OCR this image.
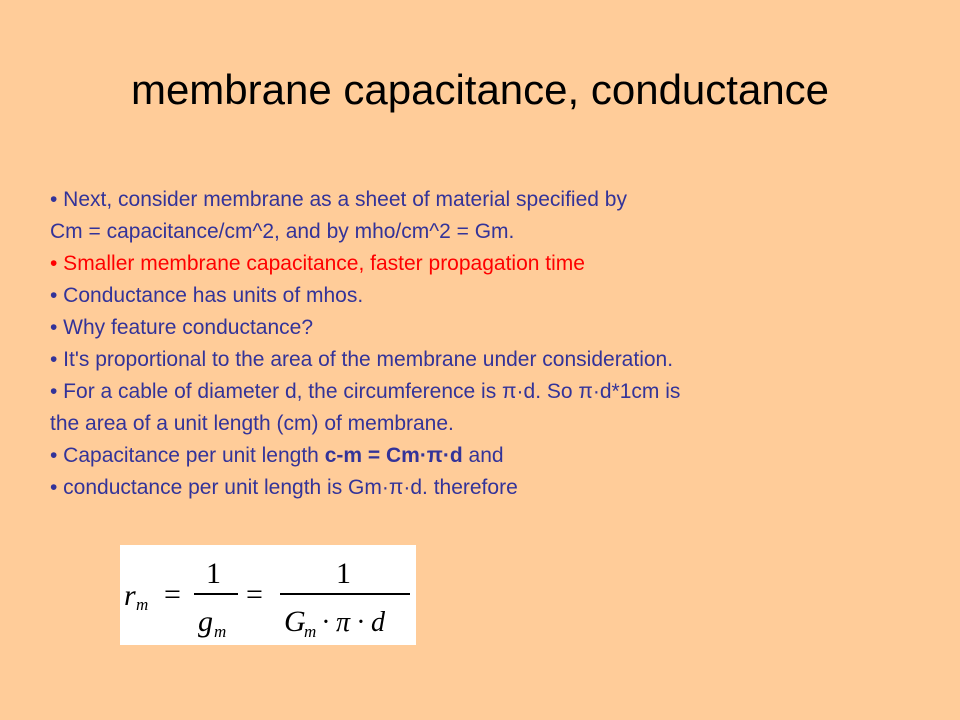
membrane capacitance, conductance
• Next, consider membrane as a sheet of material specified by
Cm = capacitance/cm^2, and by mho/cm^2 = Gm.
• Smaller membrane capacitance, faster propagation time
• Conductance has units of mhos.
• Why feature conductance?
• It's proportional to the area of the membrane under consideration.
• For a cable of diameter d, the circumference is π·d. So π·d*1cm is
the area of a unit length (cm) of membrane.
• Capacitance per unit length c-m = Cm·π·d and
• conductance per unit length is Gm·π·d. therefore
r m =
1
g m
=
1
G
m · π · d
